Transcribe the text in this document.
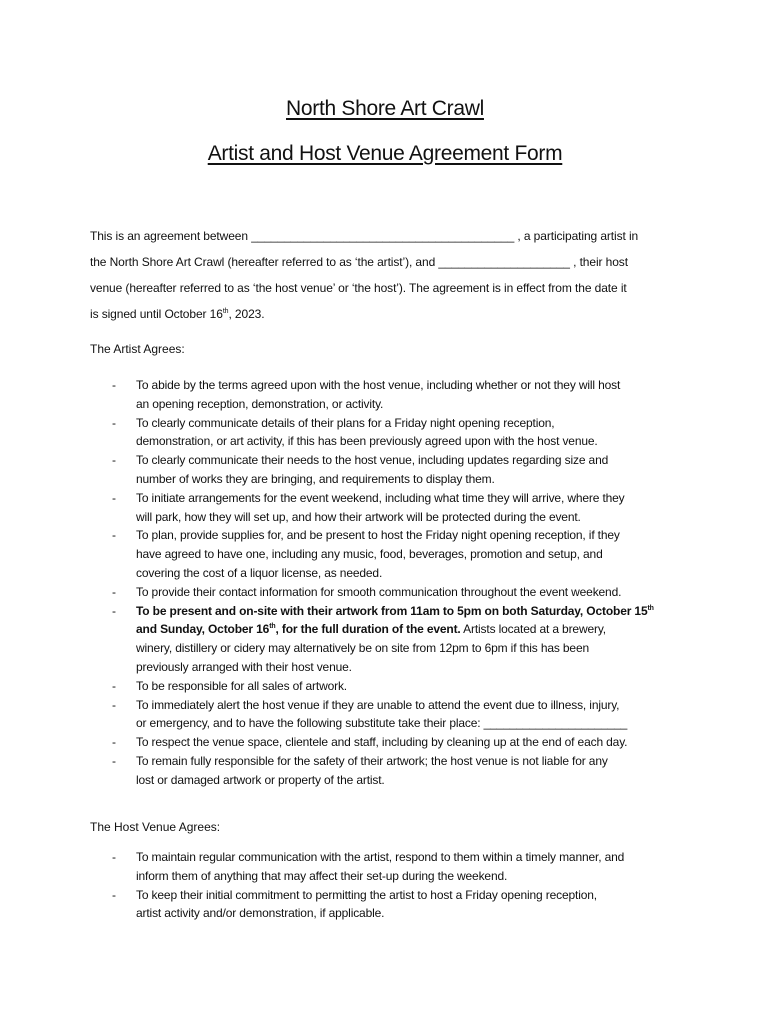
North Shore Art Crawl
Artist and Host Venue Agreement Form
This is an agreement between ________________________________________ , a participating artist in
the North Shore Art Crawl (hereafter referred to as ‘the artist’), and ____________________ , their host
venue (hereafter referred to as ‘the host venue’ or ‘the host’). The agreement is in effect from the date it
is signed until October 16th, 2023.
The Artist Agrees:
- To abide by the terms agreed upon with the host venue, including whether or not they will host
an opening reception, demonstration, or activity.
- To clearly communicate details of their plans for a Friday night opening reception,
demonstration, or art activity, if this has been previously agreed upon with the host venue.
- To clearly communicate their needs to the host venue, including updates regarding size and
number of works they are bringing, and requirements to display them.
- To initiate arrangements for the event weekend, including what time they will arrive, where they
will park, how they will set up, and how their artwork will be protected during the event.
- To plan, provide supplies for, and be present to host the Friday night opening reception, if they
have agreed to have one, including any music, food, beverages, promotion and setup, and
covering the cost of a liquor license, as needed.
- To provide their contact information for smooth communication throughout the event weekend.
- To be present and on-site with their artwork from 11am to 5pm on both Saturday, October 15th
and Sunday, October 16th, for the full duration of the event. Artists located at a brewery,
winery, distillery or cidery may alternatively be on site from 12pm to 6pm if this has been
previously arranged with their host venue.
- To be responsible for all sales of artwork.
- To immediately alert the host venue if they are unable to attend the event due to illness, injury,
or emergency, and to have the following substitute take their place: ______________________
- To respect the venue space, clientele and staff, including by cleaning up at the end of each day.
- To remain fully responsible for the safety of their artwork; the host venue is not liable for any
lost or damaged artwork or property of the artist.
The Host Venue Agrees:
- To maintain regular communication with the artist, respond to them within a timely manner, and
inform them of anything that may affect their set-up during the weekend.
- To keep their initial commitment to permitting the artist to host a Friday opening reception,
artist activity and/or demonstration, if applicable.
